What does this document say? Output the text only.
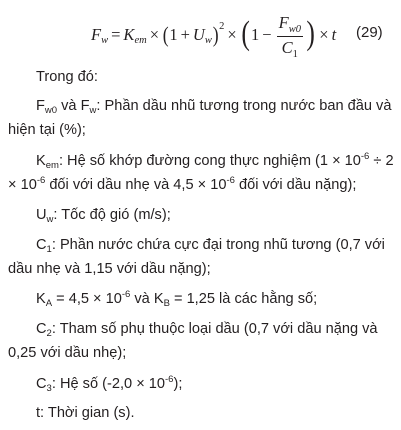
F w = K em × ( 1 + U w ) 2 × ( $1 - \frac{F_{w0}}{C_1}$ ) × t (29)

Trong đó:

$F_{w0}$ và $F_w$: Phần dầu nhũ tương trong nước ban đầu và
hiện tại (%);

$K_{em}$: Hệ số khớp đường cong thực nghiệm ($1 \times 10^{-6} \div 2$
× $10^{-6}$ đối với dầu nhẹ và $4,5 \times 10^{-6}$ đối với dầu nặng);

$U_w$: Tốc độ gió (m/s);

$C_1$: Phần nước chứa cực đại trong nhũ tương (0,7 với
dầu nhẹ và 1,15 với dầu nặng);

$K_A = 4,5 \times 10^{-6}$ và $K_B = 1,25$ là các hằng số;

$C_2$: Tham số phụ thuộc loại dầu (0,7 với dầu nặng và
0,25 với dầu nhẹ);

$C_3$: Hệ số $(-2,0 \times 10^{-6})$;

t: Thời gian (s).
